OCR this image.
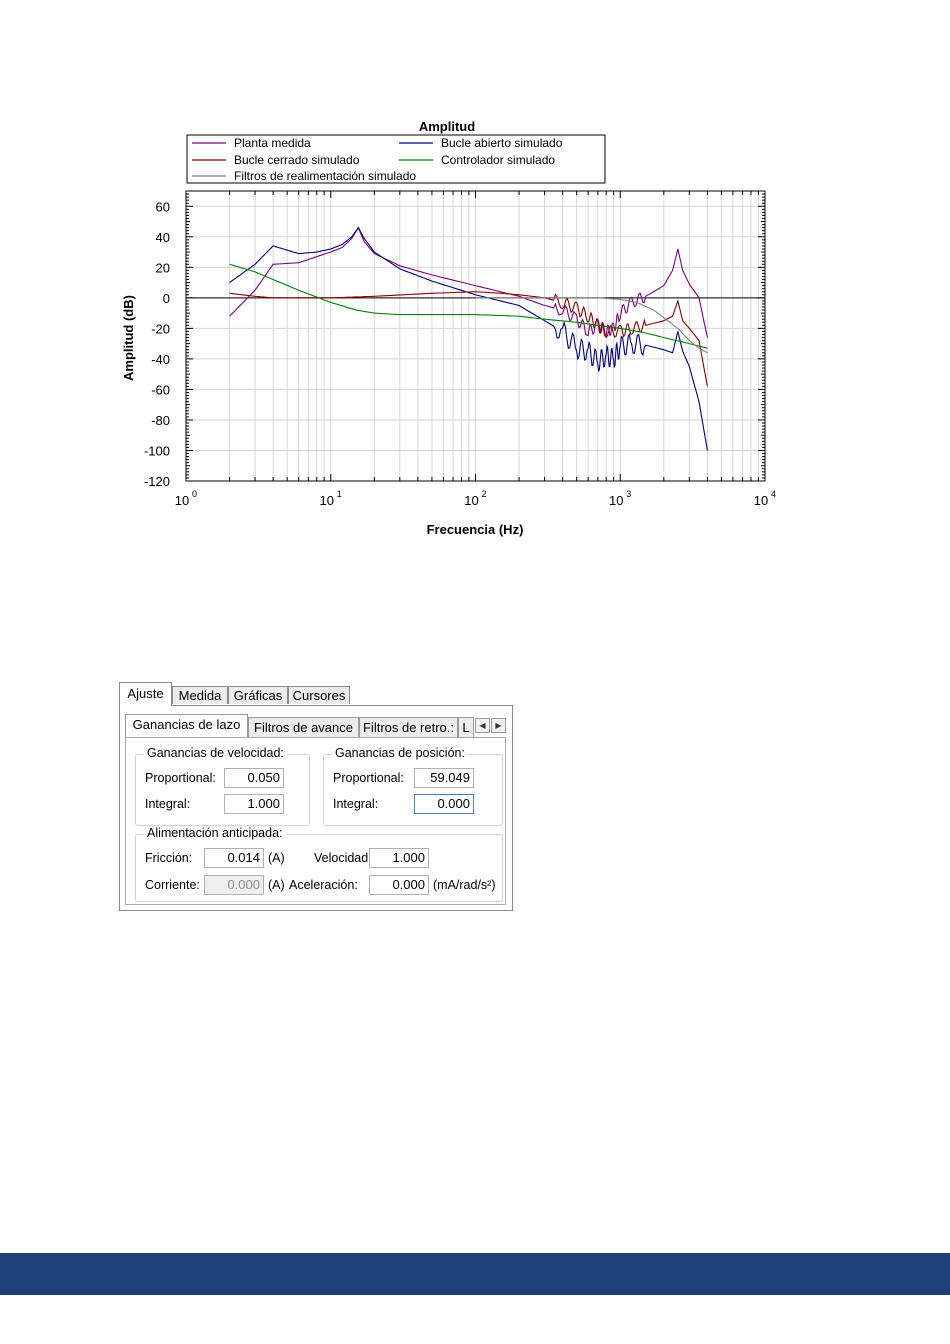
Amplitud
Planta medida	Bucle abierto simulado
Bucle cerrado simulado	Controlador simulado
Filtros de realimentación simulado
60
40
20
0
-20
-40
-60
-80
-100
-120
10 0	10 1	10 2	10 3	10 4
Frecuencia (Hz)
Amplitud (dB)
Ajuste	Medida Gráficas Cursores
Ganancias de lazo	Filtros de avance Filtros de retro.: L	◀	▶
Ganancias de velocidad:
Proportional:	0.050
Integral:	1.000
Ganancias de posición:
Proportional:	59.049
Integral:	0.000
Alimentación anticipada:
Fricción:	0.014 (A) Velocidad	1.000
Corriente:	0.000 (A) Aceleración:	0.000 (mA/rad/s²)
